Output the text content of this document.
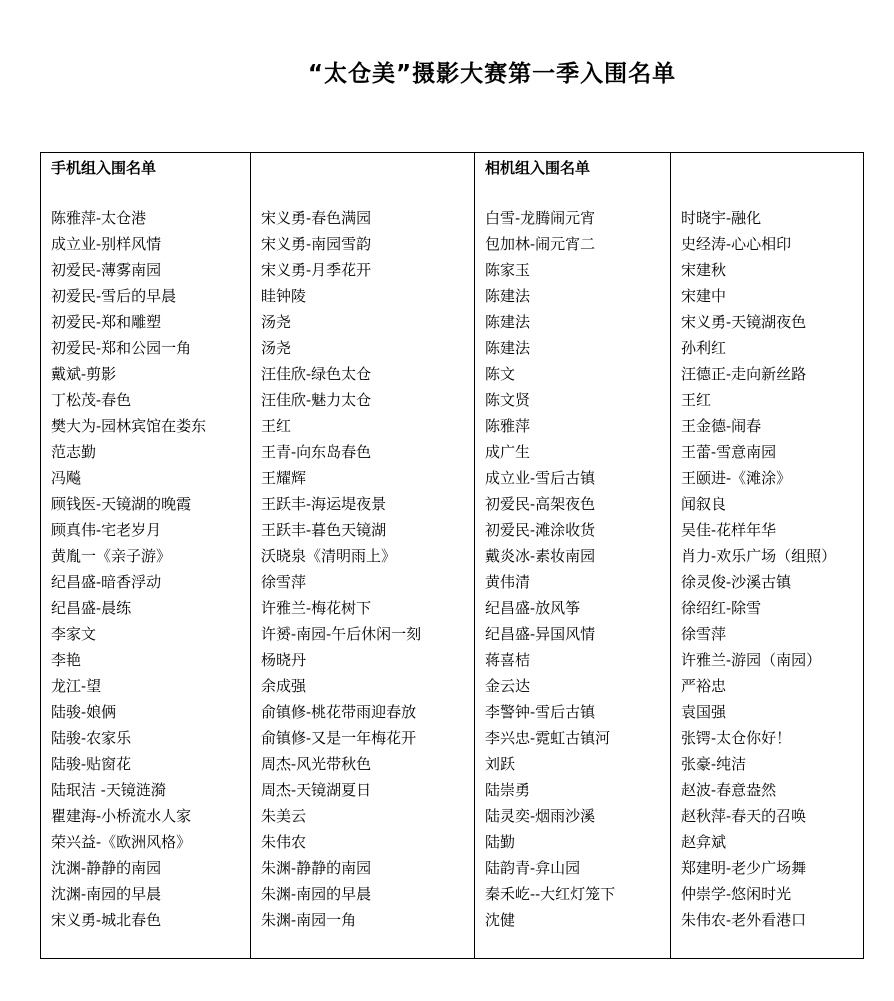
“太仓美”摄影大赛第一季入围名单
手机组入围名单
陈雅萍-太仓港
成立业-别样风情
初爱民-薄雾南园
初爱民-雪后的早晨
初爱民-郑和雕塑
初爱民-郑和公园一角
戴斌-剪影
丁松茂-春色
樊大为-园林宾馆在娄东
范志勤
冯飚
顾钱医-天镜湖的晚霞
顾真伟-宅老岁月
黄胤一《亲子游》
纪昌盛-暗香浮动
纪昌盛-晨练
李家文
李艳
龙江-望
陆骏-娘俩
陆骏-农家乐
陆骏-贴窗花
陆珉洁 -天镜涟漪
瞿建海-小桥流水人家
荣兴益-《欧洲风格》
沈渊-静静的南园
沈渊-南园的早晨
宋义勇-城北春色
宋义勇-春色满园
宋义勇-南园雪韵
宋义勇-月季花开
眭钟陵
汤尧
汤尧
汪佳欣-绿色太仓
汪佳欣-魅力太仓
王红
王青-向东岛春色
王耀辉
王跃丰-海运堤夜景
王跃丰-暮色天镜湖
沃晓泉《清明雨上》
徐雪萍
许雅兰-梅花树下
许赟-南园-午后休闲一刻
杨晓丹
余成强
俞镇修-桃花带雨迎春放
俞镇修-又是一年梅花开
周杰-风光带秋色
周杰-天镜湖夏日
朱美云
朱伟农
朱渊-静静的南园
朱渊-南园的早晨
朱渊-南园一角
相机组入围名单
白雪-龙腾闹元宵
包加林-闹元宵二
陈家玉
陈建法
陈建法
陈建法
陈文
陈文贤
陈雅萍
成广生
成立业-雪后古镇
初爱民-高架夜色
初爱民-滩涂收货
戴炎冰-素妆南园
黄伟清
纪昌盛-放风筝
纪昌盛-异国风情
蒋喜桔
金云达
李警钟-雪后古镇
李兴忠-霓虹古镇河
刘跃
陆崇勇
陆灵奕-烟雨沙溪
陆勤
陆韵青-弇山园
秦禾屹--大红灯笼下
沈健
时晓宇-融化
史经涛-心心相印
宋建秋
宋建中
宋义勇-天镜湖夜色
孙利红
汪德正-走向新丝路
王红
王金德-闹春
王蕾-雪意南园
王颐进-《滩涂》
闻叙良
吴佳-花样年华
肖力-欢乐广场（组照）
徐灵俊-沙溪古镇
徐绍红-除雪
徐雪萍
许雅兰-游园（南园）
严裕忠
袁国强
张锷-太仓你好！
张豪-纯洁
赵波-春意盎然
赵秋萍-春天的召唤
赵弇斌
郑建明-老少广场舞
仲崇学-悠闲时光
朱伟农-老外看港口
